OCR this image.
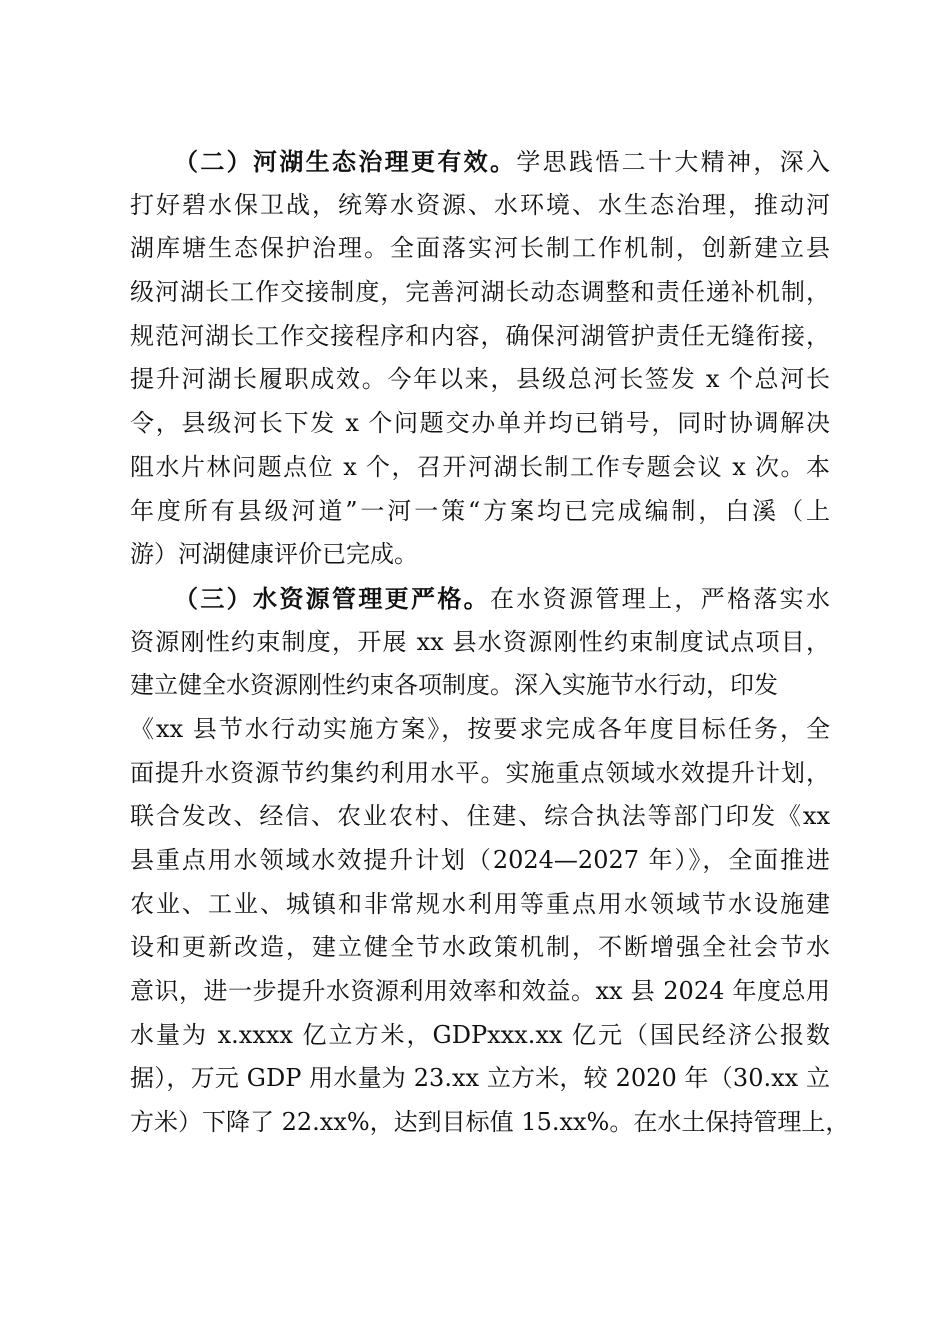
（二）河湖生态治理更有效。学思践悟二十大精神，深入
打好碧水保卫战，统筹水资源、水环境、水生态治理，推动河
湖库塘生态保护治理。全面落实河长制工作机制，创新建立县
级河湖长工作交接制度，完善河湖长动态调整和责任递补机制，
规范河湖长工作交接程序和内容，确保河湖管护责任无缝衔接，
提升河湖长履职成效。今年以来，县级总河长签发 x 个总河长
令，县级河长下发 x 个问题交办单并均已销号，同时协调解决
阻水片林问题点位 x 个，召开河湖长制工作专题会议 x 次。本
年度所有县级河道”一河一策“方案均已完成编制，白溪（上
游）河湖健康评价已完成。
（三）水资源管理更严格。在水资源管理上，严格落实水
资源刚性约束制度，开展 xx 县水资源刚性约束制度试点项目，
建立健全水资源刚性约束各项制度。深入实施节水行动，印发
《xx 县节水行动实施方案》，按要求完成各年度目标任务，全
面提升水资源节约集约利用水平。实施重点领域水效提升计划，
联合发改、经信、农业农村、住建、综合执法等部门印发《xx
县重点用水领域水效提升计划（2024—2027 年）》，全面推进
农业、工业、城镇和非常规水利用等重点用水领域节水设施建
设和更新改造，建立健全节水政策机制，不断增强全社会节水
意识，进一步提升水资源利用效率和效益。xx 县 2024 年度总用
水量为 x.xxxx 亿立方米，GDPxxx.xx 亿元（国民经济公报数
据），万元 GDP 用水量为 23.xx 立方米，较 2020 年（30.xx 立
方米）下降了 22.xx%，达到目标值 15.xx%。在水土保持管理上，
